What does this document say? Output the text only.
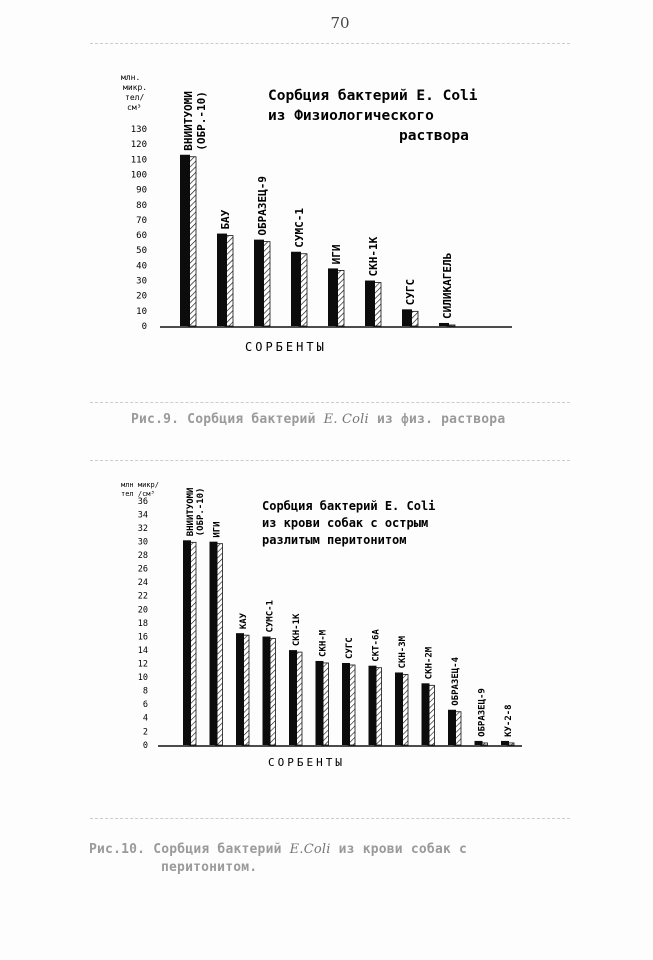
70
0
10
20
30
40
50
60
70
80
90
100
110
120
130
млн.
микр.
тел/
см³	ВНИИТУОМИ (ОБР.-10)
БАУ ОБРАЗЕЦ-9 СУМС-1
ИГИ СКН-1К
СУГС СИЛИКАГЕЛЬ
СОРБЕНТЫ
Сорбция бактерий E. Coli
из Физиологического
раствора
Рис.9. Сорбция бактерий E. Coli из физ. раствора
0
2
4
6
8
10
12
14
16
18
20
22
24
26
28
30
32
34
36
млн микр/
тел /см³	ВНИИТУОМИ (ОБР.-10) ИГИ
КАУ СУМС-1 СКН-1К СКН-М СУГС СКТ-6А СКН-3М СКН-2М ОБРАЗЕЦ-4
ОБРАЗЕЦ-9 КУ-2-8
СОРБЕНТЫ
Сорбция бактерий E. Coli
из крови собак с острым
разлитым перитонитом
Рис.10. Сорбция бактерий E.Coli из крови собак с
перитонитом.
